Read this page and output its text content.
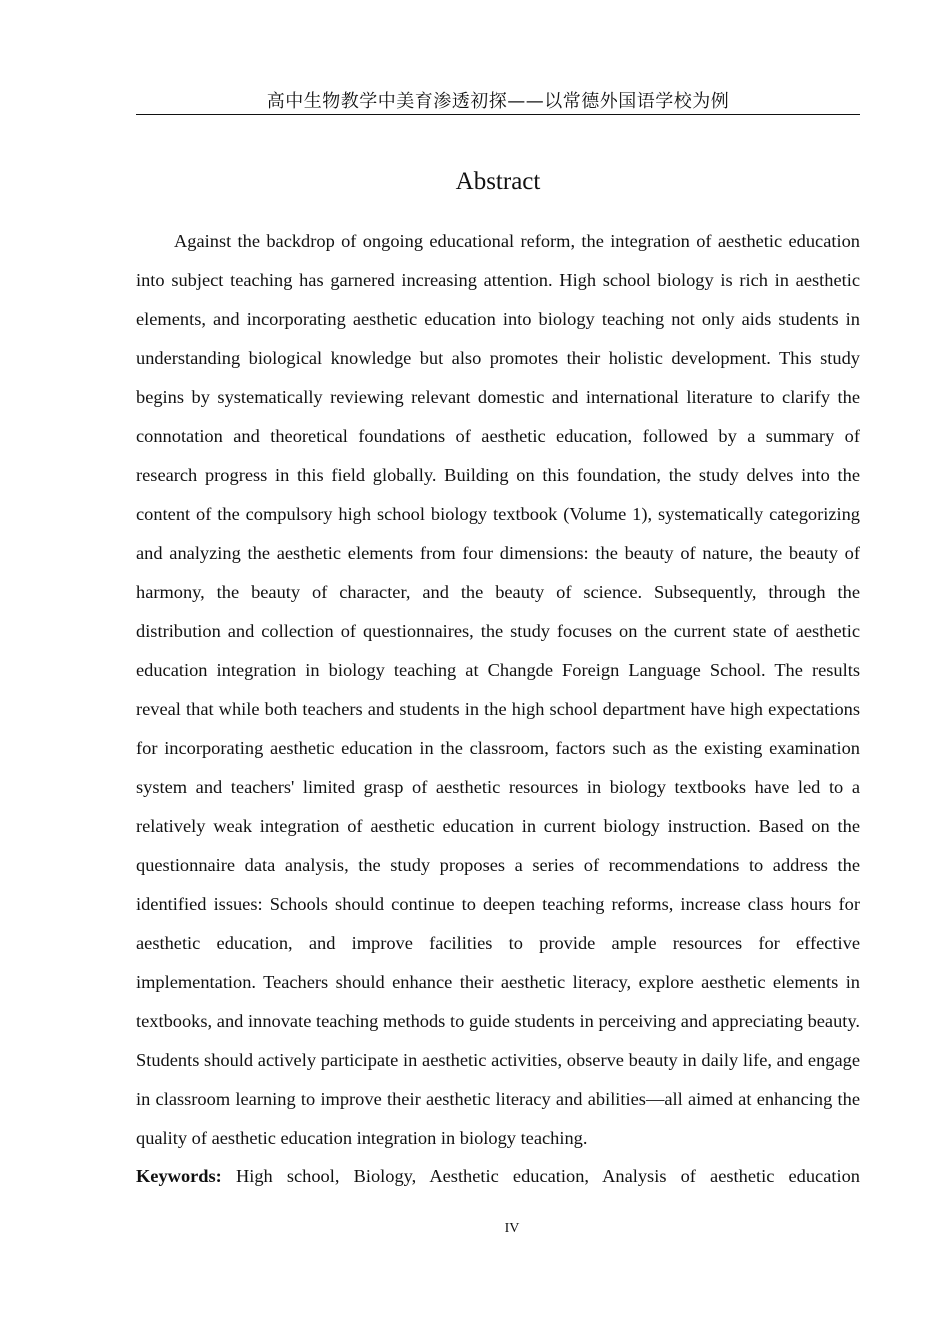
高中生物教学中美育渗透初探——以常德外国语学校为例
Abstract

Against the backdrop of ongoing educational reform, the integration of aesthetic education into subject teaching has garnered increasing attention. High school biology is rich in aesthetic elements, and incorporating aesthetic education into biology teaching not only aids students in understanding biological knowledge but also promotes their holistic development. This study begins by systematically reviewing relevant domestic and international literature to clarify the connotation and theoretical foundations of aesthetic education, followed by a summary of research progress in this field globally. Building on this foundation, the study delves into the content of the compulsory high school biology textbook (Volume 1), systematically categorizing and analyzing the aesthetic elements from four dimensions: the beauty of nature, the beauty of harmony, the beauty of character, and the beauty of science. Subsequently, through the distribution and collection of questionnaires, the study focuses on the current state of aesthetic education integration in biology teaching at Changde Foreign Language School. The results reveal that while both teachers and students in the high school department have high expectations for incorporating aesthetic education in the classroom, factors such as the existing examination system and teachers' limited grasp of aesthetic resources in biology textbooks have led to a relatively weak integration of aesthetic education in current biology instruction. Based on the questionnaire data analysis, the study proposes a series of recommendations to address the identified issues: Schools should continue to deepen teaching reforms, increase class hours for aesthetic education, and improve facilities to provide ample resources for effective implementation. Teachers should enhance their aesthetic literacy, explore aesthetic elements in textbooks, and innovate teaching methods to guide students in perceiving and appreciating beauty. Students should actively participate in aesthetic activities, observe beauty in daily life, and engage in classroom learning to improve their aesthetic literacy and abilities—all aimed at enhancing the quality of aesthetic education integration in biology teaching.

Keywords: High school, Biology, Aesthetic education, Analysis of aesthetic education

IV
